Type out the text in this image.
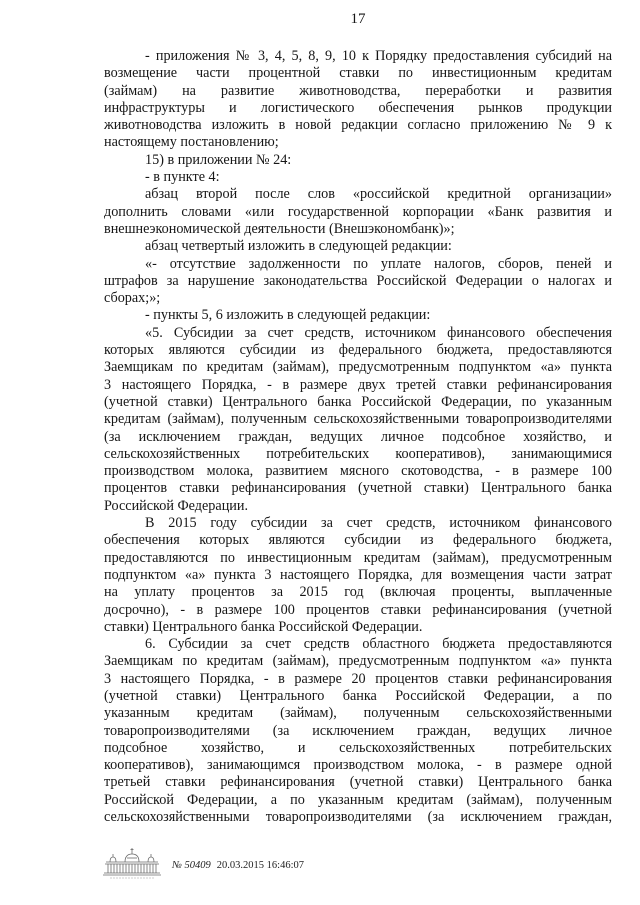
17
- приложения № 3, 4, 5, 8, 9, 10 к Порядку предоставления субсидий на
возмещение части процентной ставки по инвестиционным кредитам
(займам) на развитие животноводства, переработки и развития
инфраструктуры и логистического обеспечения рынков продукции
животноводства изложить в новой редакции согласно приложению № 9 к
настоящему постановлению;
15) в приложении № 24:
- в пункте 4:
абзац второй после слов «российской кредитной организации»
дополнить словами «или государственной корпорации «Банк развития и
внешнеэкономической деятельности (Внешэкономбанк)»;
абзац четвертый изложить в следующей редакции:
«- отсутствие задолженности по уплате налогов, сборов, пеней и
штрафов за нарушение законодательства Российской Федерации о налогах и
сборах;»;
- пункты 5, 6 изложить в следующей редакции:
«5. Субсидии за счет средств, источником финансового обеспечения
которых являются субсидии из федерального бюджета, предоставляются
Заемщикам по кредитам (займам), предусмотренным подпунктом «а» пункта
3 настоящего Порядка, - в размере двух третей ставки рефинансирования
(учетной ставки) Центрального банка Российской Федерации, по указанным
кредитам (займам), полученным сельскохозяйственными товаропроизводителями
(за исключением граждан, ведущих личное подсобное хозяйство, и
сельскохозяйственных потребительских кооперативов), занимающимися
производством молока, развитием мясного скотоводства, - в размере 100
процентов ставки рефинансирования (учетной ставки) Центрального банка
Российской Федерации.
В 2015 году субсидии за счет средств, источником финансового
обеспечения которых являются субсидии из федерального бюджета,
предоставляются по инвестиционным кредитам (займам), предусмотренным
подпунктом «а» пункта 3 настоящего Порядка, для возмещения части затрат
на уплату процентов за 2015 год (включая проценты, выплаченные
досрочно), - в размере 100 процентов ставки рефинансирования (учетной
ставки) Центрального банка Российской Федерации.
6. Субсидии за счет средств областного бюджета предоставляются
Заемщикам по кредитам (займам), предусмотренным подпунктом «а» пункта
3 настоящего Порядка, - в размере 20 процентов ставки рефинансирования
(учетной ставки) Центрального банка Российской Федерации, а по
указанным кредитам (займам), полученным сельскохозяйственными
товаропроизводителями (за исключением граждан, ведущих личное
подсобное хозяйство, и сельскохозяйственных потребительских
кооперативов), занимающимся производством молока, - в размере одной
третьей ставки рефинансирования (учетной ставки) Центрального банка
Российской Федерации, а по указанным кредитам (займам), полученным
сельскохозяйственными товаропроизводителями (за исключением граждан,
№ 50409 20.03.2015 16:46:07
